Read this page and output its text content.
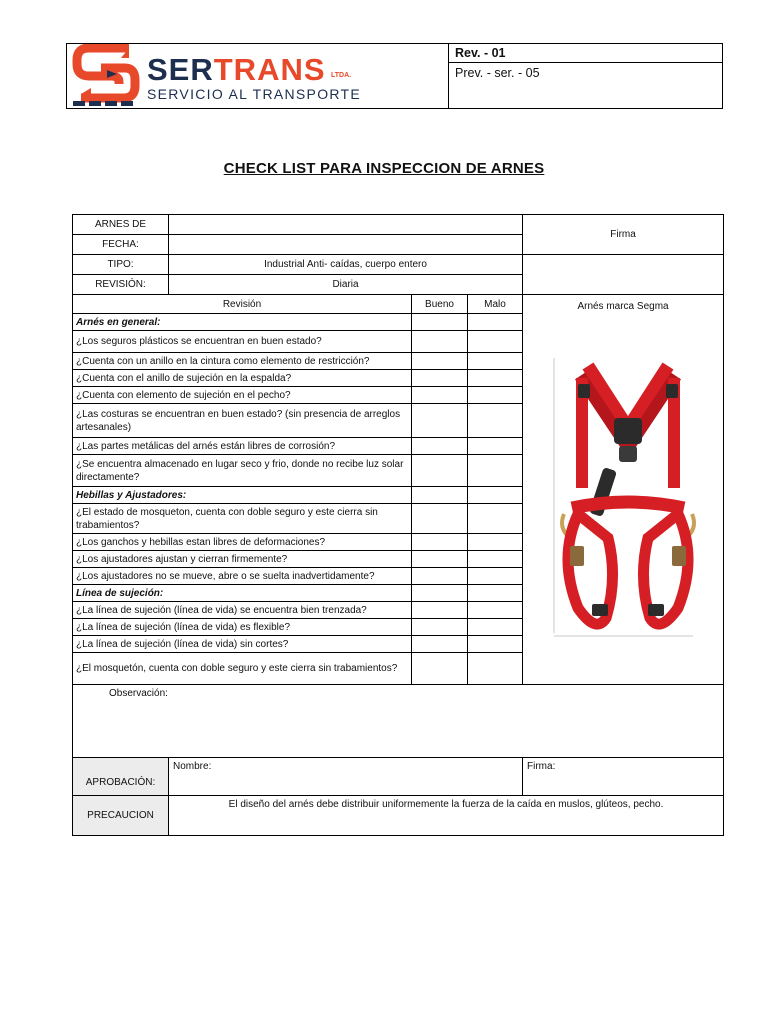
SERTRANS LTDA.
SERVICIO AL TRANSPORTE
Rev. - 01
Prev. - ser. - 05
CHECK LIST PARA INSPECCION DE ARNES
ARNES DE				Firma
FECHA:				
TIPO:	Industrial Anti- caídas, cuerpo entero			
REVISIÓN:	Diaria			
Revisión		Bueno	Malo	Arnés marca Segma

Arnés en general:				
¿Los seguros plásticos se encuentran en buen estado?				
¿Cuenta con un anillo en la cintura como elemento de restricción?				
¿Cuenta con el anillo de sujeción en la espalda?				
¿Cuenta con elemento de sujeción en el pecho?				
¿Las costuras se encuentran en buen estado? (sin presencia de arreglos artesanales)				
¿Las partes metálicas del arnés están libres de corrosión?				
¿Se encuentra almacenado en lugar seco y frio, donde no recibe luz solar directamente?				
Hebillas y Ajustadores:				
¿El estado de mosqueton, cuenta con doble seguro y este cierra sin trabamientos?				
¿Los ganchos y hebillas estan libres de deformaciones?				
¿Los ajustadores ajustan y cierran firmemente?				
¿Los ajustadores no se mueve, abre o se suelta inadvertidamente?				
Línea de sujeción:				
¿La línea de sujeción (línea de vida) se encuentra bien trenzada?				
¿La línea de sujeción (línea de vida) es flexible?				
¿La línea de sujeción (línea de vida) sin cortes?				
¿El mosquetón, cuenta con doble seguro y este cierra sin trabamientos?				
Observación:				
APROBACIÓN:	Nombre:			Firma:
PRECAUCION	El diseño del arnés debe distribuir uniformemente la fuerza de la caída en muslos, glúteos, pecho.			
